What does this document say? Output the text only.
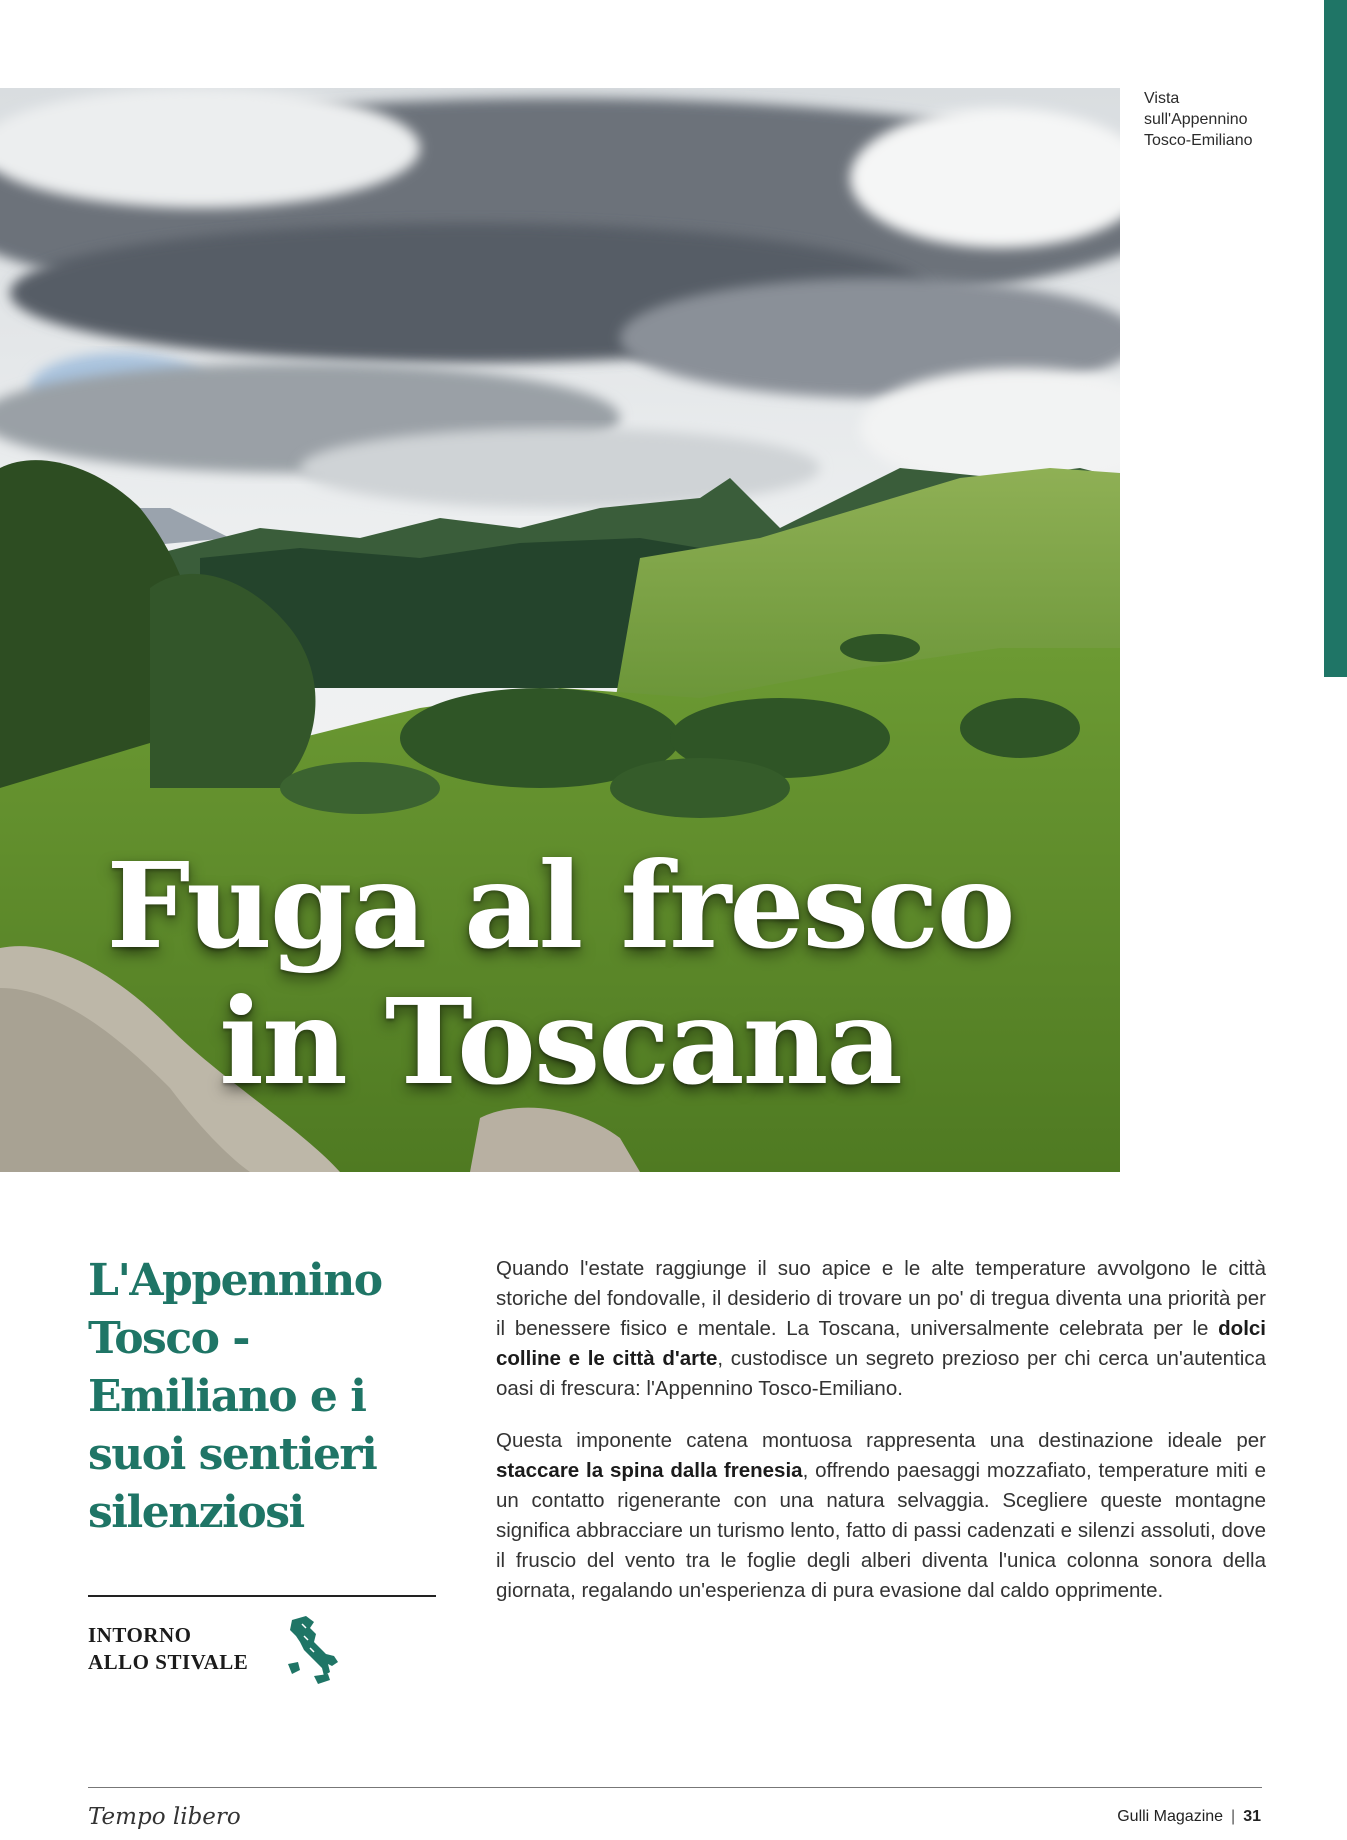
Vista
sull'Appennino
Tosco-Emiliano
Fuga al fresco
in Toscana
L'Appennino Tosco - Emiliano e i suoi sentieri silenziosi
INTORNO
ALLO STIVALE

Quando l'estate raggiunge il suo apice e le alte temperature avvolgono le città storiche del fondovalle, il desiderio di trovare un po' di tregua diventa una priorità per il benessere fisico e mentale. La Toscana, universalmente celebrata per le dolci colline e le città d'arte, custodisce un segreto prezioso per chi cerca un'autentica oasi di frescura: l'Appennino Tosco-Emiliano.

Questa imponente catena montuosa rappresenta una destinazione ideale per staccare la spina dalla frenesia, offrendo paesaggi mozzafiato, temperature miti e un contatto rigenerante con una natura selvaggia. Scegliere queste montagne significa abbracciare un turismo lento, fatto di passi cadenzati e silenzi assoluti, dove il fruscio del vento tra le foglie degli alberi diventa l'unica colonna sonora della giornata, regalando un'esperienza di pura evasione dal caldo opprimente.

Tempo libero	Gulli Magazine | 31
